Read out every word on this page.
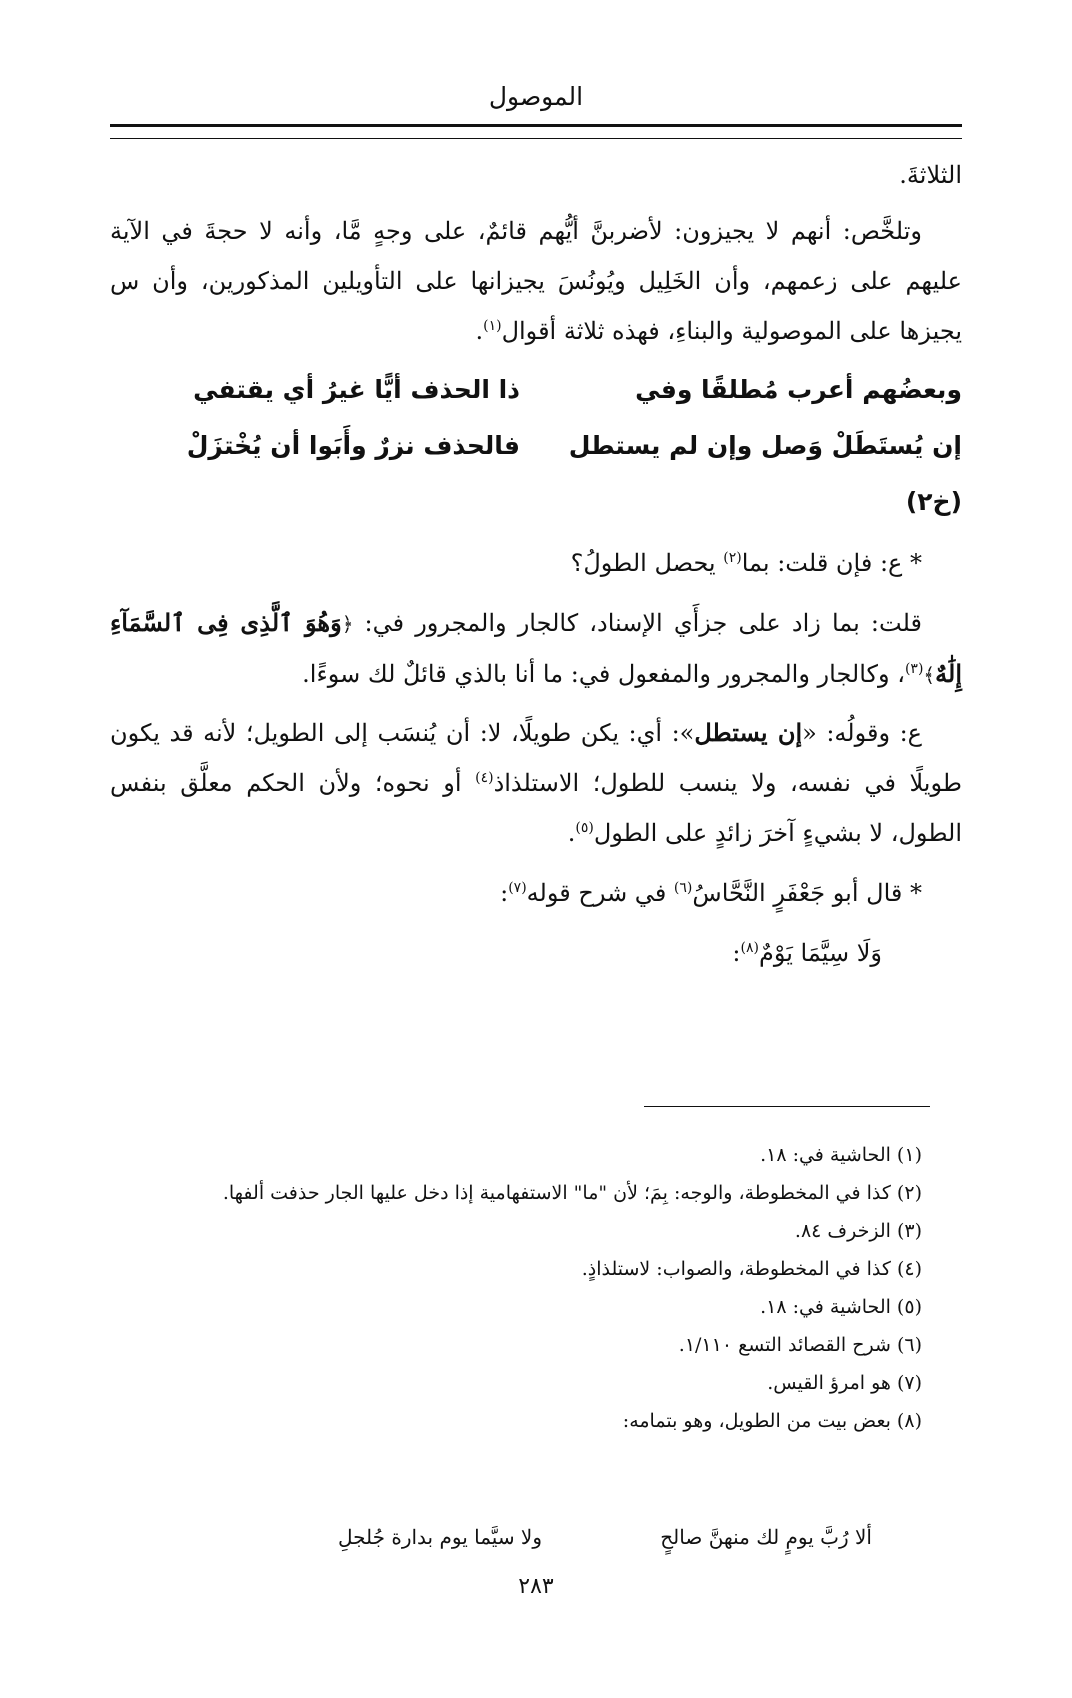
الموصول

الثلاثةَ.

وتلخَّص: أنهم لا يجيزون: لأضربنَّ أيُّهم قائمٌ، على وجهٍ مَّا، وأنه لا حجةَ في الآية عليهم على زعمهم، وأن الخَلِيل ويُونُسَ يجيزانها على التأويلين المذكورين، وأن س يجيزها على الموصولية والبناءِ، فهذه ثلاثة أقوال$^{(١)}$.

وبعضُهم أعرب مُطلقًا وفي
ذا الحذف أيًّا غيرُ أي يقتفي
إن يُستَطَلْ وَصل وإن لم يستطل
فالحذف نزرٌ وأَبَوا أن يُخْتزَلْ
(خ٢)

* ع: فإن قلت: بما$^{(٢)}$ يحصل الطولُ؟

قلت: بما زاد على جزأَي الإسناد، كالجار والمجرور في: ﴿وَهُوَ ٱلَّذِى فِى ٱلسَّمَآءِ إِلَٰهٌ﴾$^{(٣)}$، وكالجار والمجرور والمفعول في: ما أنا بالذي قائلٌ لك سوءًا.

ع: وقولُه: «إن يستطل»: أي: يكن طويلًا، لا: أن يُنسَب إلى الطويل؛ لأنه قد يكون طويلًا في نفسه، ولا ينسب للطول؛ الاستلذاذ$^{(٤)}$ أو نحوه؛ ولأن الحكم معلَّق بنفس الطول، لا بشيءٍ آخرَ زائدٍ على الطول$^{(٥)}$.

* قال أبو جَعْفَرٍ النَّحَّاسُ$^{(٦)}$ في شرح قوله$^{(٧)}$:

وَلَا سِيَّمَا يَوْمٌ$^{(٨)}$:

(١) الحاشية في: ١٨.
(٢) كذا في المخطوطة، والوجه: بِمَ؛ لأن "ما" الاستفهامية إذا دخل عليها الجار حذفت ألفها.
(٣) الزخرف ٨٤.
(٤) كذا في المخطوطة، والصواب: لاستلذاذٍ.
(٥) الحاشية في: ١٨.
(٦) شرح القصائد التسع ١/١١٠.
(٧) هو امرؤ القيس.
(٨) بعض بيت من الطويل، وهو بتمامه:
ألا رُبَّ يومٍ لك منهنَّ صالحٍ
ولا سيَّما يوم بدارة جُلجلِ
٢٨٣
